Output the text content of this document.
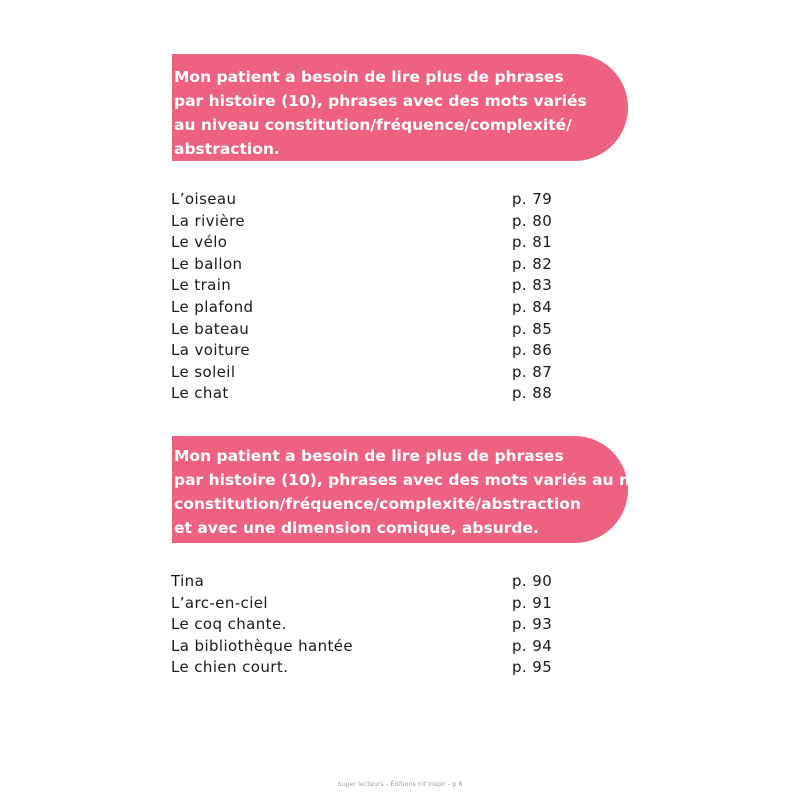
Mon patient a besoin de lire plus de phrases
par histoire (10), phrases avec des mots variés
au niveau constitution/fréquence/complexité/
abstraction.
L’oiseau	p. 79
La rivière	p. 80
Le vélo	p. 81
Le ballon	p. 82
Le train	p. 83
Le plafond	p. 84
Le bateau	p. 85
La voiture	p. 86
Le soleil	p. 87
Le chat	p. 88
Mon patient a besoin de lire plus de phrases
par histoire (10), phrases avec des mots variés au niveau
constitution/fréquence/complexité/abstraction
et avec une dimension comique, absurde.
Tina	p. 90
L’arc-en-ciel	p. 91
Le coq chante.	p. 93
La bibliothèque hantée	p. 94
Le chien court.	p. 95
Super lecteurs - Éditions cit’inspir - p 8
